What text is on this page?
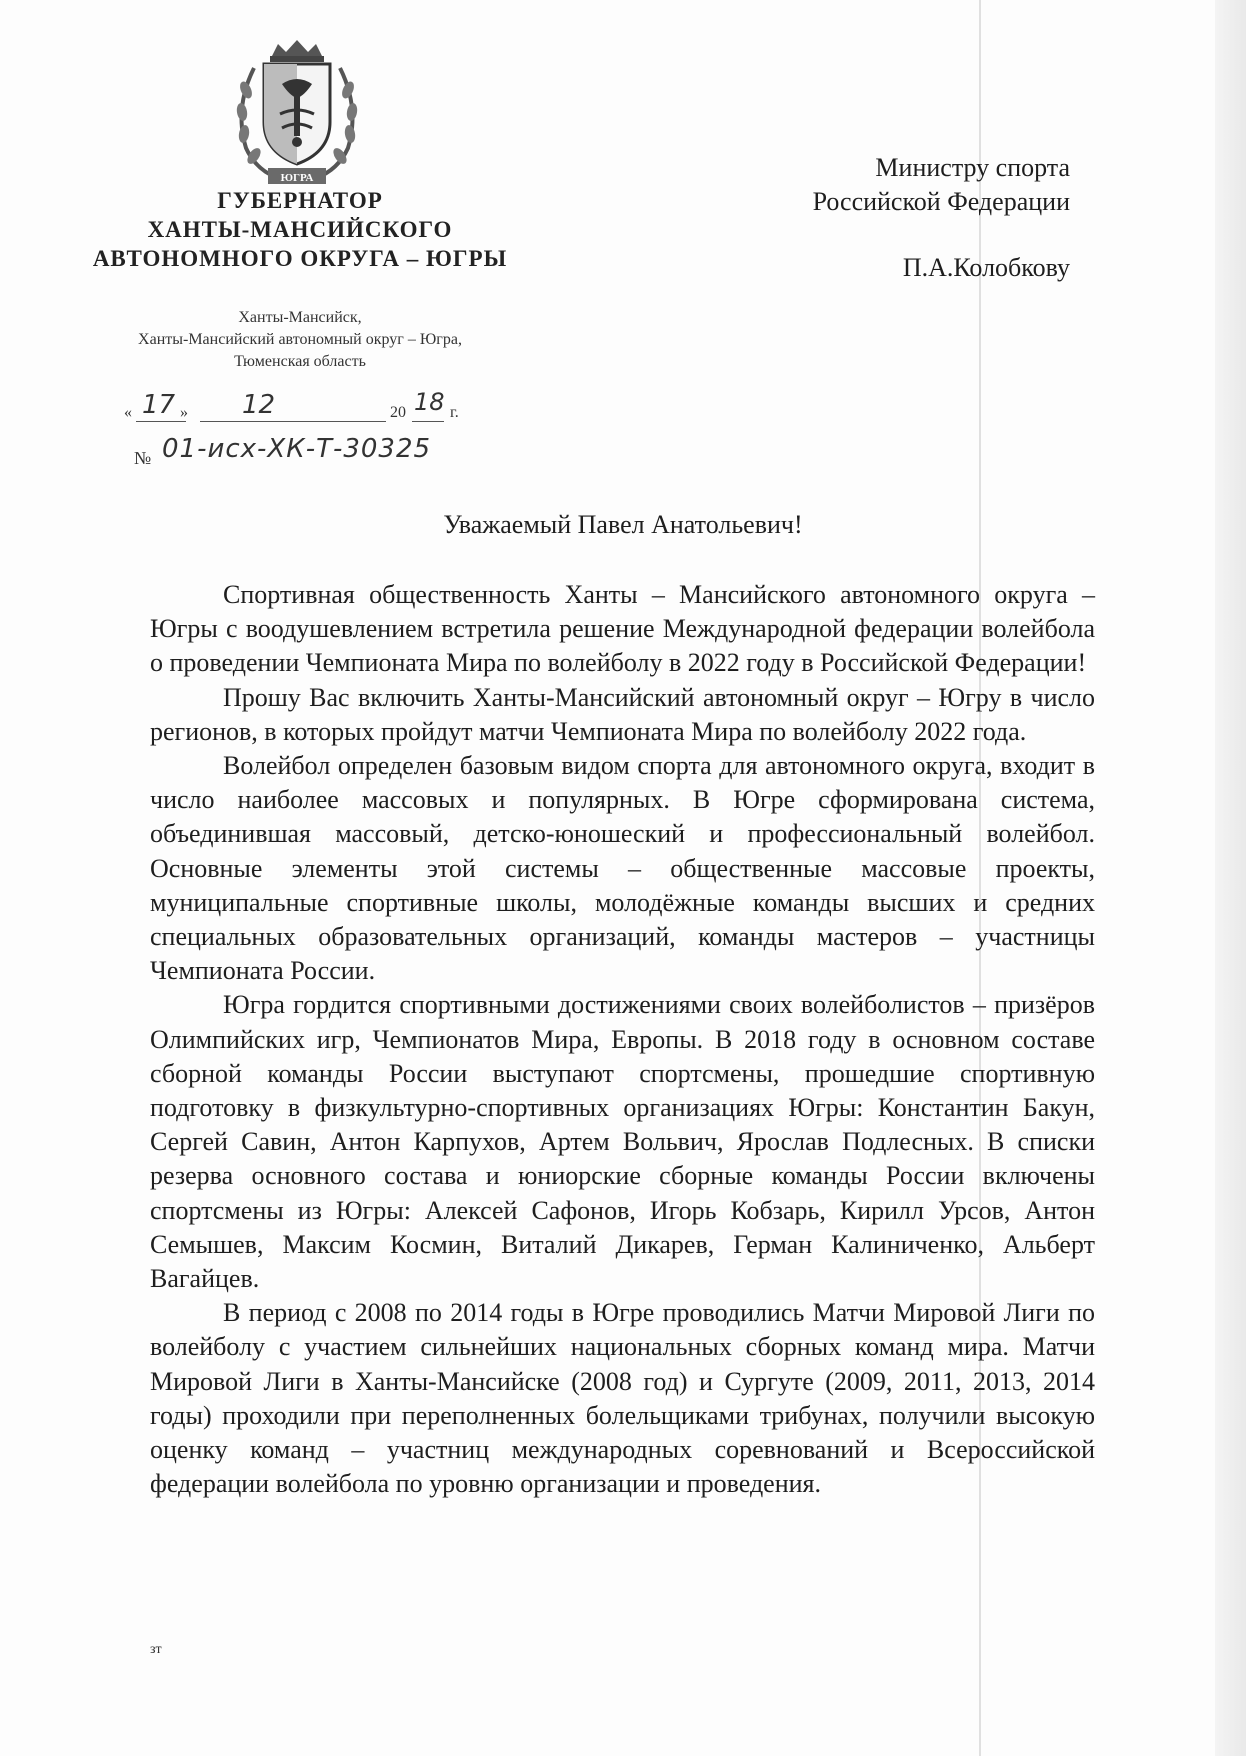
ЮГРА
ГУБЕРНАТОР
ХАНТЫ-МАНСИЙСКОГО
АВТОНОМНОГО ОКРУГА – ЮГРЫ
Ханты-Мансийск,
Ханты-Мансийский автономный округ – Югра,
Тюменская область
« 17 » 12	20 18 г.
№ 01-исх-ХК-Т-30325
Министру спорта
Российской Федерации
П.А.Колобкову
Уважаемый Павел Анатольевич!

Спортивная общественность Ханты – Мансийского автономного округа – Югры с воодушевлением встретила решение Международной федерации волейбола о проведении Чемпионата Мира по волейболу в 2022 году в Российской Федерации!

Прошу Вас включить Ханты-Мансийский автономный округ – Югру в число регионов, в которых пройдут матчи Чемпионата Мира по волейболу 2022 года.

Волейбол определен базовым видом спорта для автономного округа, входит в число наиболее массовых и популярных. В Югре сформирована система, объединившая массовый, детско-юношеский и профессиональный волейбол. Основные элементы этой системы – общественные массовые проекты, муниципальные спортивные школы, молодёжные команды высших и средних специальных образовательных организаций, команды мастеров – участницы Чемпионата России.

Югра гордится спортивными достижениями своих волейболистов – призёров Олимпийских игр, Чемпионатов Мира, Европы. В 2018 году в основном составе сборной команды России выступают спортсмены, прошедшие спортивную подготовку в физкультурно-спортивных организациях Югры: Константин Бакун, Сергей Савин, Антон Карпухов, Артем Вольвич, Ярослав Подлесных. В списки резерва основного состава и юниорские сборные команды России включены спортсмены из Югры: Алексей Сафонов, Игорь Кобзарь, Кирилл Урсов, Антон Семышев, Максим Космин, Виталий Дикарев, Герман Калиниченко, Альберт Вагайцев.

В период с 2008 по 2014 годы в Югре проводились Матчи Мировой Лиги по волейболу с участием сильнейших национальных сборных команд мира. Матчи Мировой Лиги в Ханты-Мансийске (2008 год) и Сургуте (2009, 2011, 2013, 2014 годы) проходили при переполненных болельщиками трибунах, получили высокую оценку команд – участниц международных соревнований и Всероссийской федерации волейбола по уровню организации и проведения.

зт
